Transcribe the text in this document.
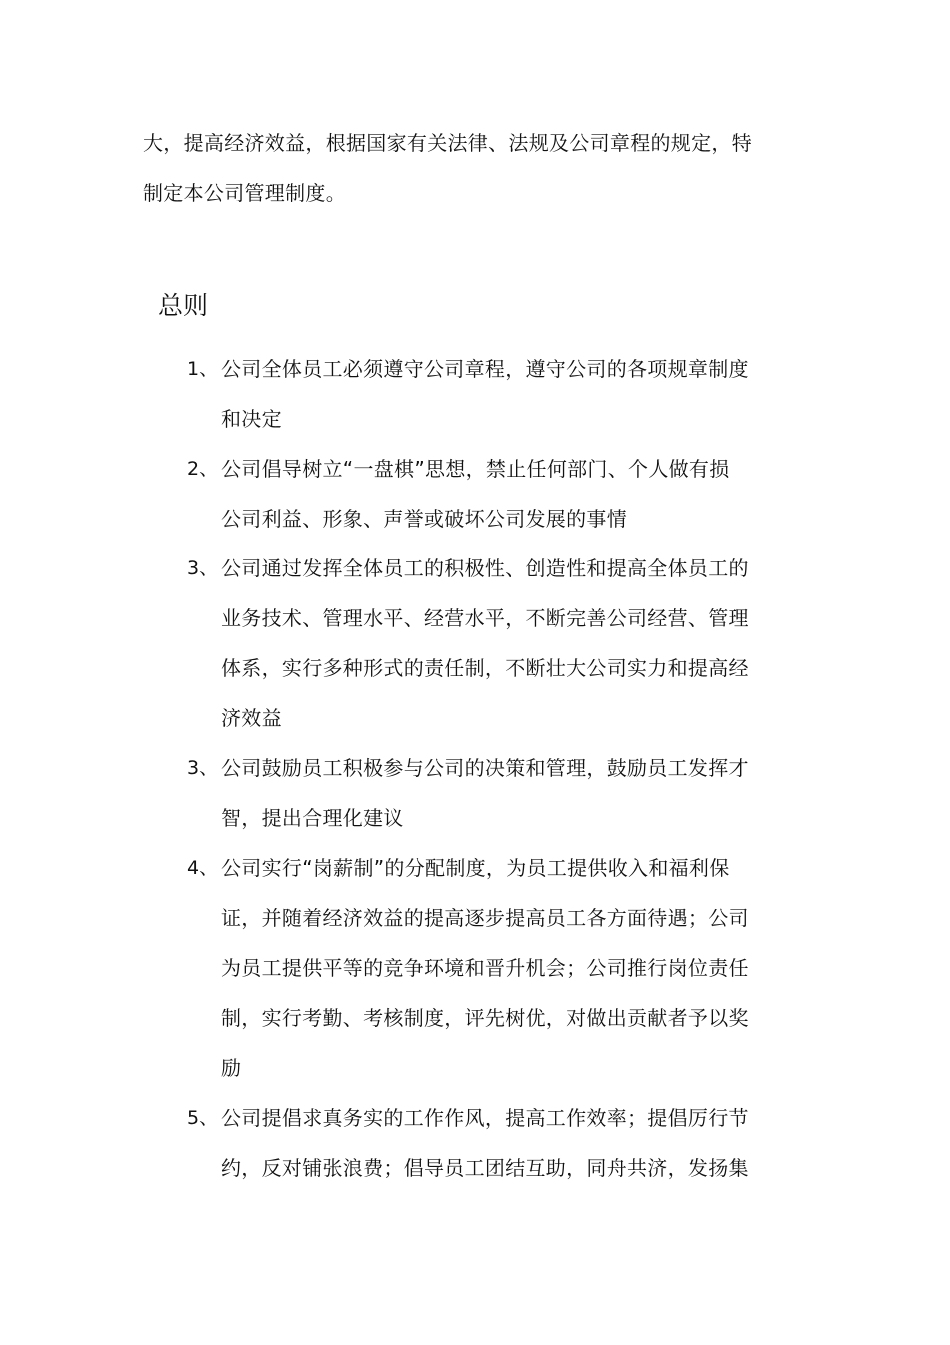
大，提高经济效益，根据国家有关法律、法规及公司章程的规定，特
制定本公司管理制度。
总则
1、 公司全体员工必须遵守公司章程，遵守公司的各项规章制度
和决定
2、 公司倡导树立“一盘棋”思想，禁止任何部门、个人做有损
公司利益、形象、声誉或破坏公司发展的事情
3、 公司通过发挥全体员工的积极性、创造性和提高全体员工的
业务技术、管理水平、经营水平，不断完善公司经营、管理
体系，实行多种形式的责任制，不断壮大公司实力和提高经
济效益
3、 公司鼓励员工积极参与公司的决策和管理，鼓励员工发挥才
智，提出合理化建议
4、 公司实行“岗薪制”的分配制度，为员工提供收入和福利保
证，并随着经济效益的提高逐步提高员工各方面待遇；公司
为员工提供平等的竞争环境和晋升机会；公司推行岗位责任
制，实行考勤、考核制度，评先树优，对做出贡献者予以奖
励
5、 公司提倡求真务实的工作作风，提高工作效率；提倡厉行节
约，反对铺张浪费；倡导员工团结互助，同舟共济，发扬集
